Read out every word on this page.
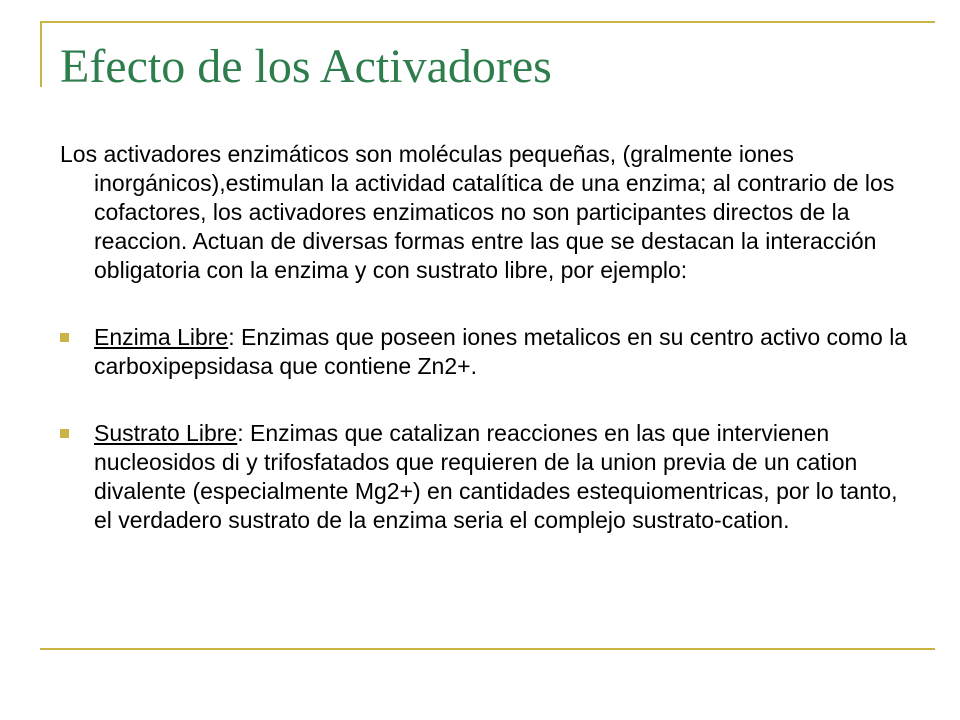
Efecto de los Activadores

Los activadores enzimáticos son moléculas pequeñas, (gralmente iones inorgánicos),estimulan la actividad catalítica de una enzima; al contrario de los cofactores, los activadores enzimaticos no son participantes directos de la reaccion. Actuan de diversas formas entre las que se destacan la interacción obligatoria con la enzima y con sustrato libre, por ejemplo:

Enzima Libre: Enzimas que poseen iones metalicos en su centro activo como la carboxipepsidasa que contiene Zn2+.
Sustrato Libre: Enzimas que catalizan reacciones en las que intervienen nucleosidos di y trifosfatados que requieren de la union previa de un cation divalente (especialmente Mg2+) en cantidades estequiomentricas, por lo tanto, el verdadero sustrato de la enzima seria el complejo sustrato-cation.
